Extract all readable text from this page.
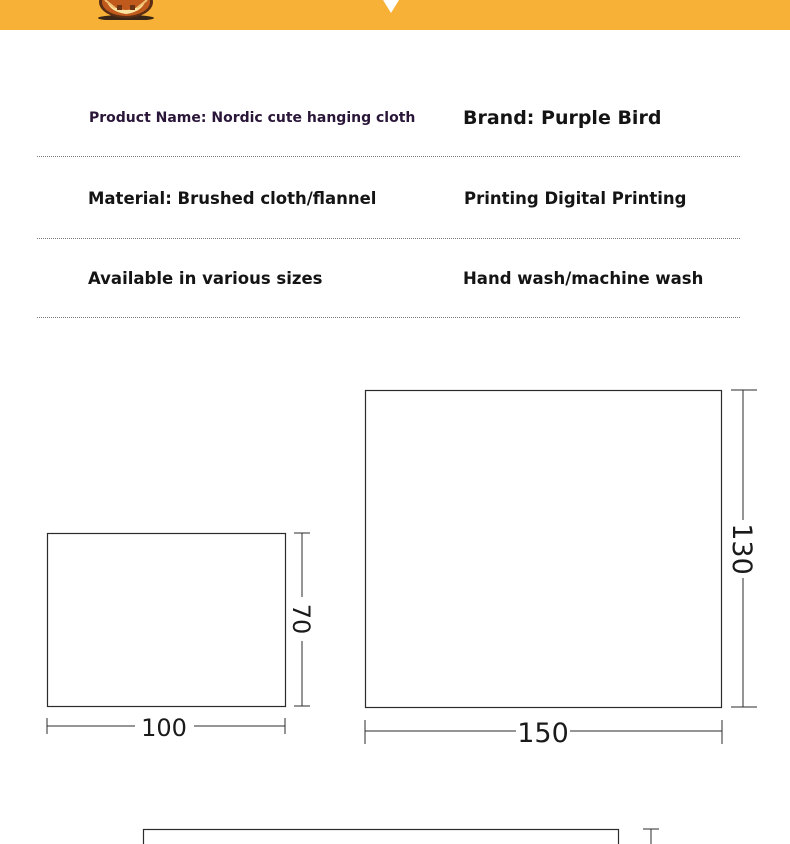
Product Name: Nordic cute hanging cloth	Brand: Purple Bird

Material: Brushed cloth/flannel	Printing Digital Printing

Available in various sizes	Hand wash/machine wash

100
70
150
130
